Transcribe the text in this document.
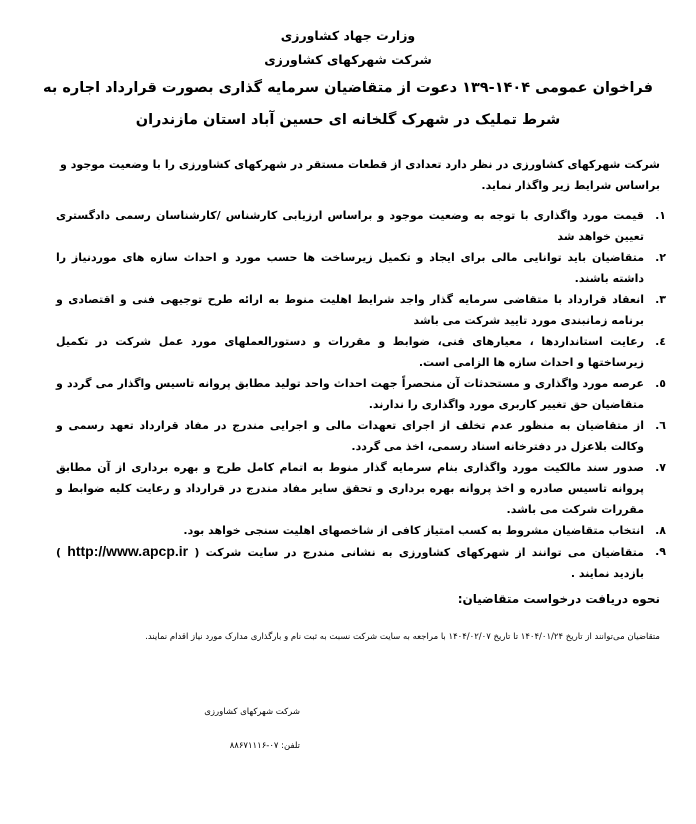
وزارت جهاد کشاورزی
شرکت شهرکهای کشاورزی
فراخوان عمومی ۱۴۰۴-۱۳۹ دعوت از متقاضیان سرمایه گذاری بصورت قرارداد اجاره به
شرط تملیک در شهرک گلخانه ای حسین آباد استان مازندران
شرکت شهرکهای کشاورزی در نظر دارد تعدادی از قطعات مستقر در شهرکهای کشاورزی را با وضعیت موجود و براساس شرایط زیر واگذار نماید.
۱.
قیمت مورد واگذاری با توجه به وضعیت موجود و براساس ارزیابی کارشناس /کارشناسان رسمی دادگستری تعیین خواهد شد
۲.
متقاضیان باید توانایی مالی برای ایجاد و تکمیل زیرساخت ها حسب مورد و احداث سازه های موردنیاز را داشته باشند.
۳.
انعقاد قرارداد با متقاضی سرمایه گذار واجد شرایط اهلیت منوط به ارائه طرح توجیهی فنی و اقتصادی و برنامه زمانبندی مورد تایید شرکت می باشد
٤.
رعایت استانداردها ، معیارهای فنی، ضوابط و مقررات و دستورالعملهای مورد عمل شرکت در تکمیل زیرساختها و احداث سازه ها الزامی است.
٥.
عرصه مورد واگذاری و مستحدثات آن منحصراً جهت احداث واحد تولید مطابق پروانه تاسیس واگذار می گردد و متقاضیان حق تغییر کاربری مورد واگذاری را ندارند.
٦.
از متقاضیان به منظور عدم تخلف از اجرای تعهدات مالی و اجرایی مندرج در مفاد قرارداد تعهد رسمی و وکالت بلاعزل در دفترخانه اسناد رسمی، اخذ می گردد.
۷.
صدور سند مالکیت مورد واگذاری بنام سرمایه گذار منوط به اتمام کامل طرح و بهره برداری از آن مطابق پروانه تاسیس صادره و اخذ پروانه بهره برداری و تحقق سایر مفاد مندرج در قرارداد و رعایت کلیه ضوابط و مقررات شرکت می باشد.
۸.
انتخاب متقاضیان مشروط به کسب امتیاز کافی از شاخصهای اهلیت سنجی خواهد بود.
۹.
متقاضیان می توانند از شهرکهای کشاورزی به نشانی مندرج در سایت شرکت ( http://www.apcp.ir ) بازدید نمایند .
نحوه دریافت درخواست متقاضیان:
متقاضیان می‌توانند از تاریخ ۱۴۰۴/۰۱/۲۴ تا تاریخ ۱۴۰۴/۰۲/۰۷ با مراجعه به سایت شرکت نسبت به ثبت نام و بارگذاری مدارک مورد نیاز اقدام نمایند.
شرکت شهرکهای کشاورزی
تلفن: ۰۷-۸۸۶۷۱۱۱۶
